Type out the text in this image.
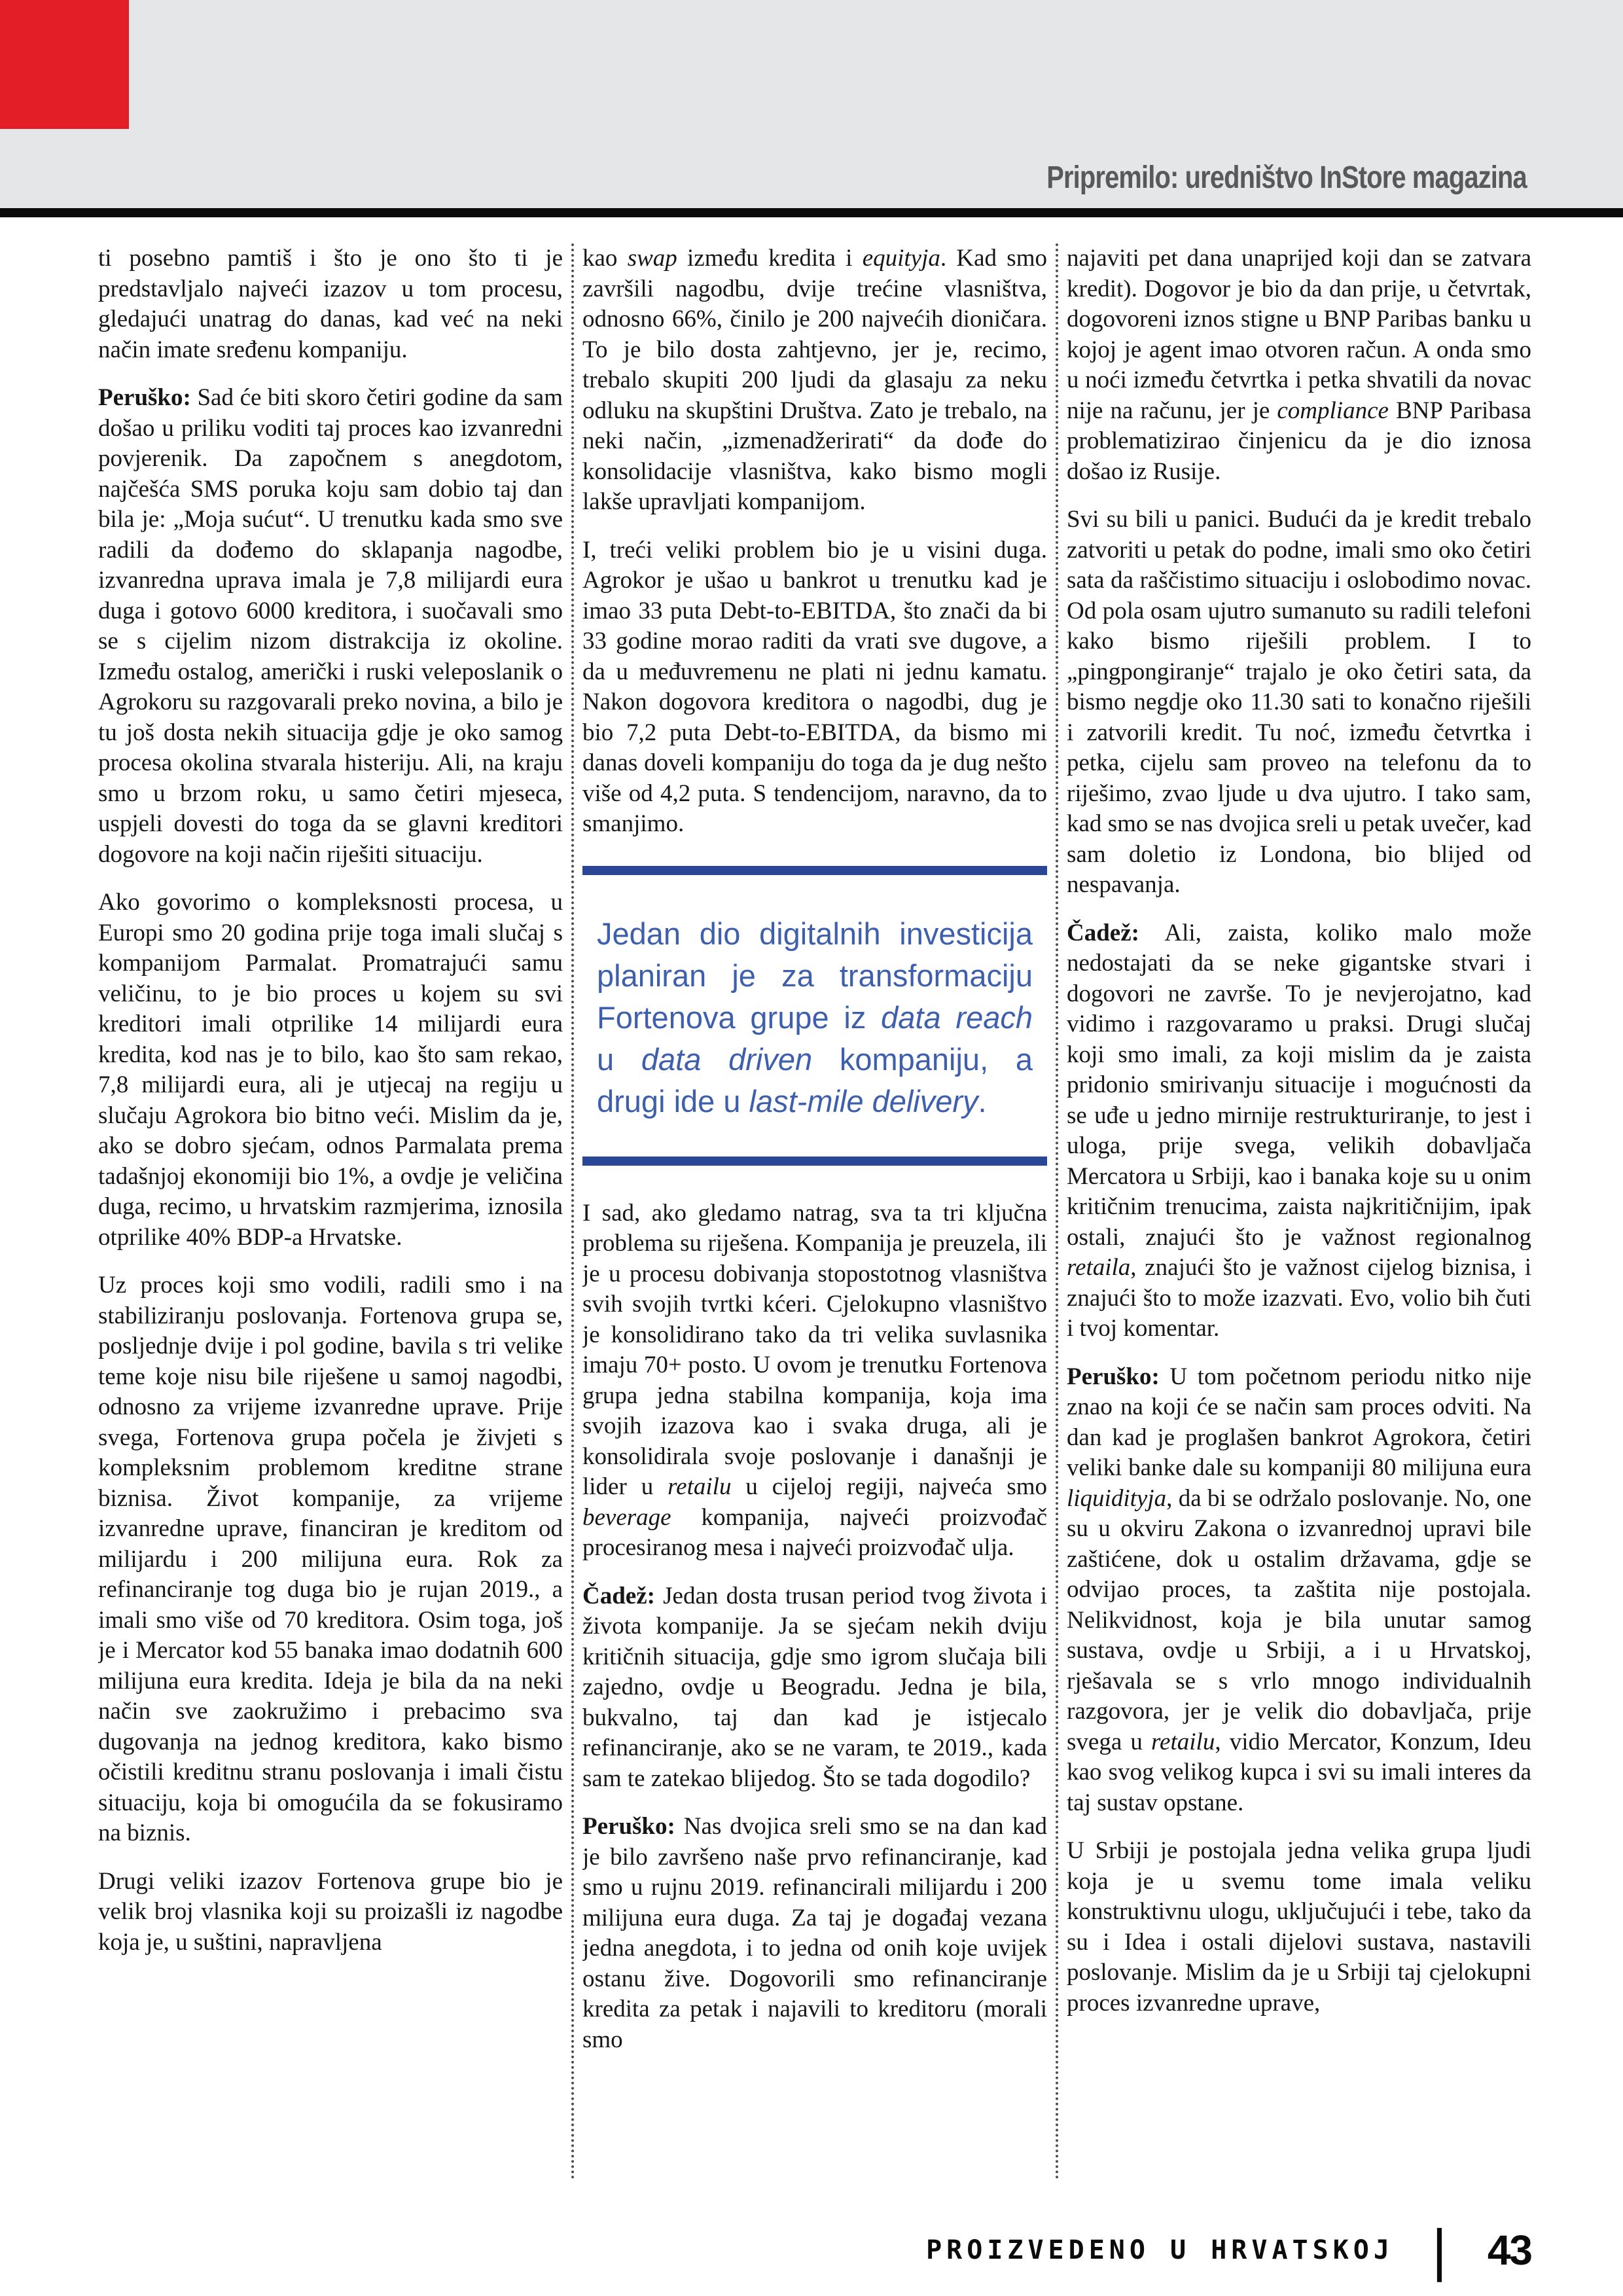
Pripremilo: uredništvo InStore magazina

ti posebno pamtiš i što je ono što ti je predstavljalo najveći izazov u tom procesu, gledajući unatrag do danas, kad već na neki način imate sređenu kompaniju.

Peruško: Sad će biti skoro četiri godine da sam došao u priliku voditi taj proces kao izvanredni povjerenik. Da započnem s anegdotom, najčešća SMS poruka koju sam dobio taj dan bila je: „Moja sućut“. U trenutku kada smo sve radili da dođemo do sklapanja nagodbe, izvanredna uprava imala je 7,8 milijardi eura duga i gotovo 6000 kreditora, i suočavali smo se s cijelim nizom distrakcija iz okoline. Između ostalog, američki i ruski veleposlanik o Agrokoru su razgovarali preko novina, a bilo je tu još dosta nekih situacija gdje je oko samog procesa okolina stvarala histeriju. Ali, na kraju smo u brzom roku, u samo četiri mjeseca, uspjeli dovesti do toga da se glavni kreditori dogovore na koji način riješiti situaciju.

Ako govorimo o kompleksnosti procesa, u Europi smo 20 godina prije toga imali slučaj s kompanijom Parmalat. Promatrajući samu veličinu, to je bio proces u kojem su svi kreditori imali otprilike 14 milijardi eura kredita, kod nas je to bilo, kao što sam rekao, 7,8 milijardi eura, ali je utjecaj na regiju u slučaju Agrokora bio bitno veći. Mislim da je, ako se dobro sjećam, odnos Parmalata prema tadašnjoj ekonomiji bio 1%, a ovdje je veličina duga, recimo, u hrvatskim razmjerima, iznosila otprilike 40% BDP-a Hrvatske.

Uz proces koji smo vodili, radili smo i na stabiliziranju poslovanja. Fortenova grupa se, posljednje dvije i pol godine, bavila s tri velike teme koje nisu bile riješene u samoj nagodbi, odnosno za vrijeme izvanredne uprave. Prije svega, Fortenova grupa počela je živjeti s kompleksnim problemom kreditne strane biznisa. Život kompanije, za vrijeme izvanredne uprave, financiran je kreditom od milijardu i 200 milijuna eura. Rok za refinanciranje tog duga bio je rujan 2019., a imali smo više od 70 kreditora. Osim toga, još je i Mercator kod 55 banaka imao dodatnih 600 milijuna eura kredita. Ideja je bila da na neki način sve zaokružimo i prebacimo sva dugovanja na jednog kreditora, kako bismo očistili kreditnu stranu poslovanja i imali čistu situaciju, koja bi omogućila da se fokusiramo na biznis.

Drugi veliki izazov Fortenova grupe bio je velik broj vlasnika koji su proizašli iz nagodbe koja je, u suštini, napravljena

kao swap između kredita i equityja. Kad smo završili nagodbu, dvije trećine vlasništva, odnosno 66%, činilo je 200 najvećih dioničara. To je bilo dosta zahtjevno, jer je, recimo, trebalo skupiti 200 ljudi da glasaju za neku odluku na skupštini Društva. Zato je trebalo, na neki način, „izmenadžerirati“ da dođe do konsolidacije vlasništva, kako bismo mogli lakše upravljati kompanijom.

I, treći veliki problem bio je u visini duga. Agrokor je ušao u bankrot u trenutku kad je imao 33 puta Debt-to-EBITDA, što znači da bi 33 godine morao raditi da vrati sve dugove, a da u međuvremenu ne plati ni jednu kamatu. Nakon dogovora kreditora o nagodbi, dug je bio 7,2 puta Debt-to-EBITDA, da bismo mi danas doveli kompaniju do toga da je dug nešto više od 4,2 puta. S tendencijom, naravno, da to smanjimo.

Jedan dio digitalnih investicija planiran je za transformaciju Fortenova grupe iz data reach u data driven kompaniju, a drugi ide u last-mile delivery.

I sad, ako gledamo natrag, sva ta tri ključna problema su riješena. Kompanija je preuzela, ili je u procesu dobivanja stopostotnog vlasništva svih svojih tvrtki kćeri. Cjelokupno vlasništvo je konsolidirano tako da tri velika suvlasnika imaju 70+ posto. U ovom je trenutku Fortenova grupa jedna stabilna kompanija, koja ima svojih izazova kao i svaka druga, ali je konsolidirala svoje poslovanje i današnji je lider u retailu u cijeloj regiji, najveća smo beverage kompanija, najveći proizvođač procesiranog mesa i najveći proizvođač ulja.

Čadež: Jedan dosta trusan period tvog života i života kompanije. Ja se sjećam nekih dviju kritičnih situacija, gdje smo igrom slučaja bili zajedno, ovdje u Beogradu. Jedna je bila, bukvalno, taj dan kad je istjecalo refinanciranje, ako se ne varam, te 2019., kada sam te zatekao blijedog. Što se tada dogodilo?

Peruško: Nas dvojica sreli smo se na dan kad je bilo završeno naše prvo refinanciranje, kad smo u rujnu 2019. refinancirali milijardu i 200 milijuna eura duga. Za taj je događaj vezana jedna anegdota, i to jedna od onih koje uvijek ostanu žive. Dogovorili smo refinanciranje kredita za petak i najavili to kreditoru (morali smo

najaviti pet dana unaprijed koji dan se zatvara kredit). Dogovor je bio da dan prije, u četvrtak, dogovoreni iznos stigne u BNP Paribas banku u kojoj je agent imao otvoren račun. A onda smo u noći između četvrtka i petka shvatili da novac nije na računu, jer je compliance BNP Paribasa problematizirao činjenicu da je dio iznosa došao iz Rusije.

Svi su bili u panici. Budući da je kredit trebalo zatvoriti u petak do podne, imali smo oko četiri sata da raščistimo situaciju i oslobodimo novac. Od pola osam ujutro sumanuto su radili telefoni kako bismo riješili problem. I to „pingpongiranje“ trajalo je oko četiri sata, da bismo negdje oko 11.30 sati to konačno riješili i zatvorili kredit. Tu noć, između četvrtka i petka, cijelu sam proveo na telefonu da to riješimo, zvao ljude u dva ujutro. I tako sam, kad smo se nas dvojica sreli u petak uvečer, kad sam doletio iz Londona, bio blijed od nespavanja.

Čadež: Ali, zaista, koliko malo može nedostajati da se neke gigantske stvari i dogovori ne završe. To je nevjerojatno, kad vidimo i razgovaramo u praksi. Drugi slučaj koji smo imali, za koji mislim da je zaista pridonio smirivanju situacije i mogućnosti da se uđe u jedno mirnije restrukturiranje, to jest i uloga, prije svega, velikih dobavljača Mercatora u Srbiji, kao i banaka koje su u onim kritičnim trenucima, zaista najkritičnijim, ipak ostali, znajući što je važnost regionalnog retaila, znajući što je važnost cijelog biznisa, i znajući što to može izazvati. Evo, volio bih čuti i tvoj komentar.

Peruško: U tom početnom periodu nitko nije znao na koji će se način sam proces odviti. Na dan kad je proglašen bankrot Agrokora, četiri veliki banke dale su kompaniji 80 milijuna eura liquidityja, da bi se održalo poslovanje. No, one su u okviru Zakona o izvanrednoj upravi bile zaštićene, dok u ostalim državama, gdje se odvijao proces, ta zaštita nije postojala. Nelikvidnost, koja je bila unutar samog sustava, ovdje u Srbiji, a i u Hrvatskoj, rješavala se s vrlo mnogo individualnih razgovora, jer je velik dio dobavljača, prije svega u retailu, vidio Mercator, Konzum, Ideu kao svog velikog kupca i svi su imali interes da taj sustav opstane.

U Srbiji je postojala jedna velika grupa ljudi koja je u svemu tome imala veliku konstruktivnu ulogu, uključujući i tebe, tako da su i Idea i ostali dijelovi sustava, nastavili poslovanje. Mislim da je u Srbiji taj cjelokupni proces izvanredne uprave,

PROIZVEDENO U HRVATSKOJ | 43
